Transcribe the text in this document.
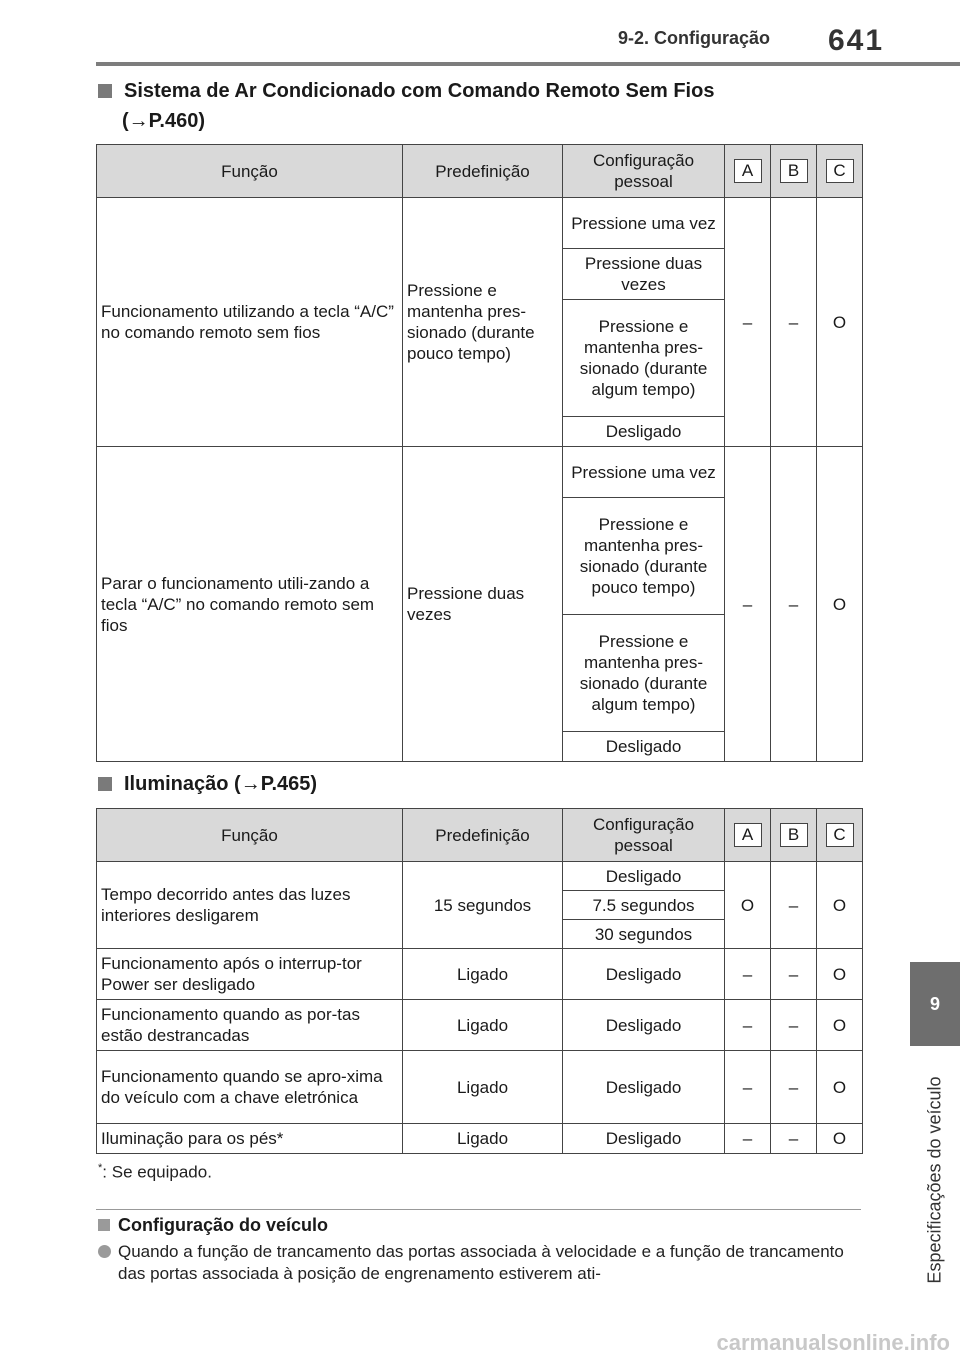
9-2. Configuração 641
9
Especificações do veículo
Sistema de Ar Condicionado com Comando Remoto Sem Fios
(→P.460)
Função	Predefinição	Configuração pessoal	A	B	C
Funcionamento utilizando a tecla “A/C” no comando remoto sem fios	Pressione e mantenha pres-sionado (durante pouco tempo)	Pressione uma vez	–	–	O
		Pressione duas vezes			
		Pressione e mantenha pres-sionado (durante algum tempo)			
		Desligado			
Parar o funcionamento utili-zando a tecla “A/C” no comando remoto sem fios	Pressione duas vezes	Pressione uma vez	–	–	O
		Pressione e mantenha pres-sionado (durante pouco tempo)			
		Pressione e mantenha pres-sionado (durante algum tempo)			
		Desligado			
Iluminação (→P.465)
Função	Predefinição	Configuração pessoal	A	B	C
Tempo decorrido antes das luzes interiores desligarem	15 segundos	Desligado	O	–	O
		7.5 segundos			
		30 segundos			
Funcionamento após o interrup-tor Power ser desligado	Ligado	Desligado	–	–	O
Funcionamento quando as por-tas estão destrancadas	Ligado	Desligado	–	–	O
Funcionamento quando se apro-xima do veículo com a chave eletrónica	Ligado	Desligado	–	–	O
Iluminação para os pés*	Ligado	Desligado	–	–	O
*: Se equipado.
Configuração do veículo
Quando a função de trancamento das portas associada à velocidade e a função de trancamento das portas associada à posição de engrenamento estiverem ati-
carmanualsonline.info
